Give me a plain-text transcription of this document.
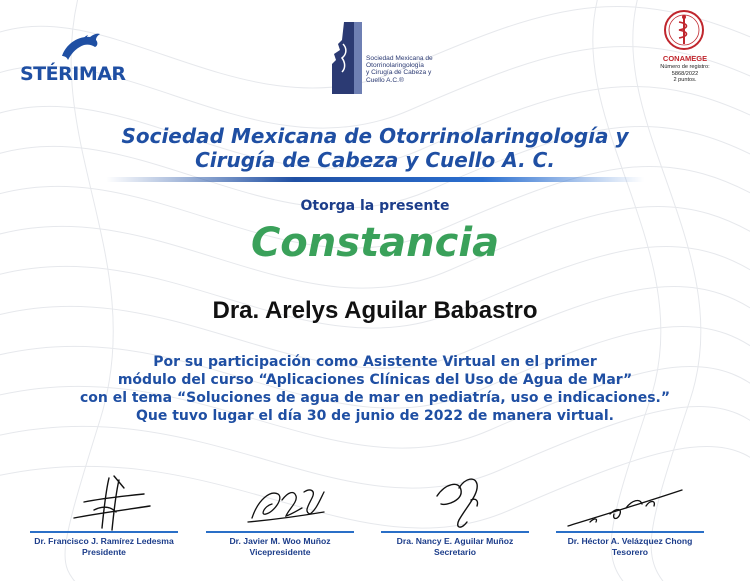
STÉRIMAR
Sociedad Mexicana de
Otorrinolaringología
y Cirugía de Cabeza y
Cuello A.C.®
CONAMEGE
Número de registro:
5868/2022
2 puntos.
Sociedad Mexicana de Otorrinolaringología y
Cirugía de Cabeza y Cuello A. C.
Otorga la presente
Constancia
Dra. Arelys Aguilar Babastro
Por su participación como Asistente Virtual en el primer
módulo del curso “Aplicaciones Clínicas del Uso de Agua de Mar”
con el tema “Soluciones de agua de mar en pediatría, uso e indicaciones.”
Que tuvo lugar el día 30 de junio de 2022 de manera virtual.
Dr. Francisco J. Ramírez Ledesma
Presidente
Dr. Javier M. Woo Muñoz
Vicepresidente
Dra. Nancy E. Aguilar Muñoz
Secretario
Dr. Héctor A. Velázquez Chong
Tesorero
